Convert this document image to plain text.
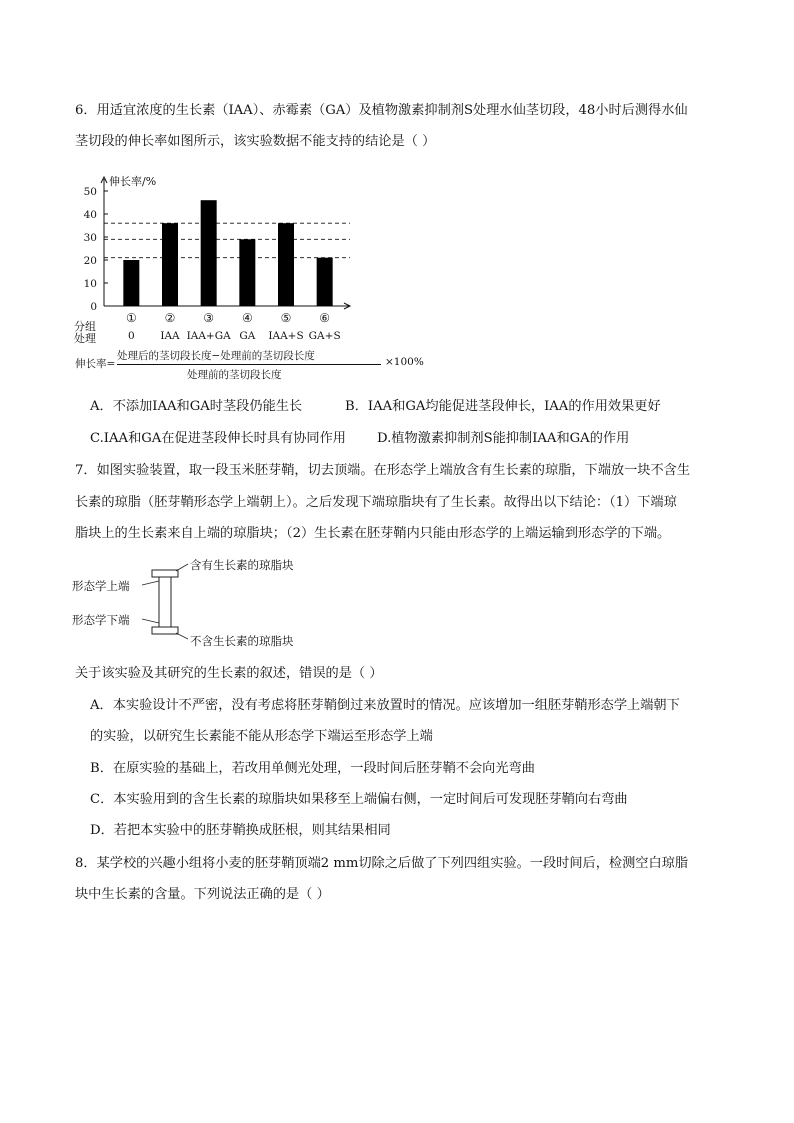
6．用适宜浓度的生长素（IAA）、赤霉素（GA）及植物激素抑制剂S处理水仙茎切段，48小时后测得水仙
茎切段的伸长率如图所示，该实验数据不能支持的结论是（ ）
伸长率/%
0
10
20
30
40
50
①
0
②
IAA
③
IAA+GA
④
GA
⑤
IAA+S
⑥
GA+S
分组
处理
伸长率=
处理后的茎切段长度−处理前的茎切段长度
处理前的茎切段长度
×100%
A．不添加IAA和GA时茎段仍能生长	B．IAA和GA均能促进茎段伸长，IAA的作用效果更好
C.IAA和GA在促进茎段伸长时具有协同作用 D.植物激素抑制剂S能抑制IAA和GA的作用
7．如图实验装置，取一段玉米胚芽鞘，切去顶端。在形态学上端放含有生长素的琼脂，下端放一块不含生
长素的琼脂（胚芽鞘形态学上端朝上）。之后发现下端琼脂块有了生长素。故得出以下结论：（1）下端琼
脂块上的生长素来自上端的琼脂块；（2）生长素在胚芽鞘内只能由形态学的上端运输到形态学的下端。
含有生长素的琼脂块
形态学上端
形态学下端
不含生长素的琼脂块
关于该实验及其研究的生长素的叙述，错误的是（ ）
A．本实验设计不严密，没有考虑将胚芽鞘倒过来放置时的情况。应该增加一组胚芽鞘形态学上端朝下
的实验，以研究生长素能不能从形态学下端运至形态学上端
B．在原实验的基础上，若改用单侧光处理，一段时间后胚芽鞘不会向光弯曲
C．本实验用到的含生长素的琼脂块如果移至上端偏右侧，一定时间后可发现胚芽鞘向右弯曲
D．若把本实验中的胚芽鞘换成胚根，则其结果相同
8．某学校的兴趣小组将小麦的胚芽鞘顶端2 mm切除之后做了下列四组实验。一段时间后，检测空白琼脂
块中生长素的含量。下列说法正确的是（ ）
